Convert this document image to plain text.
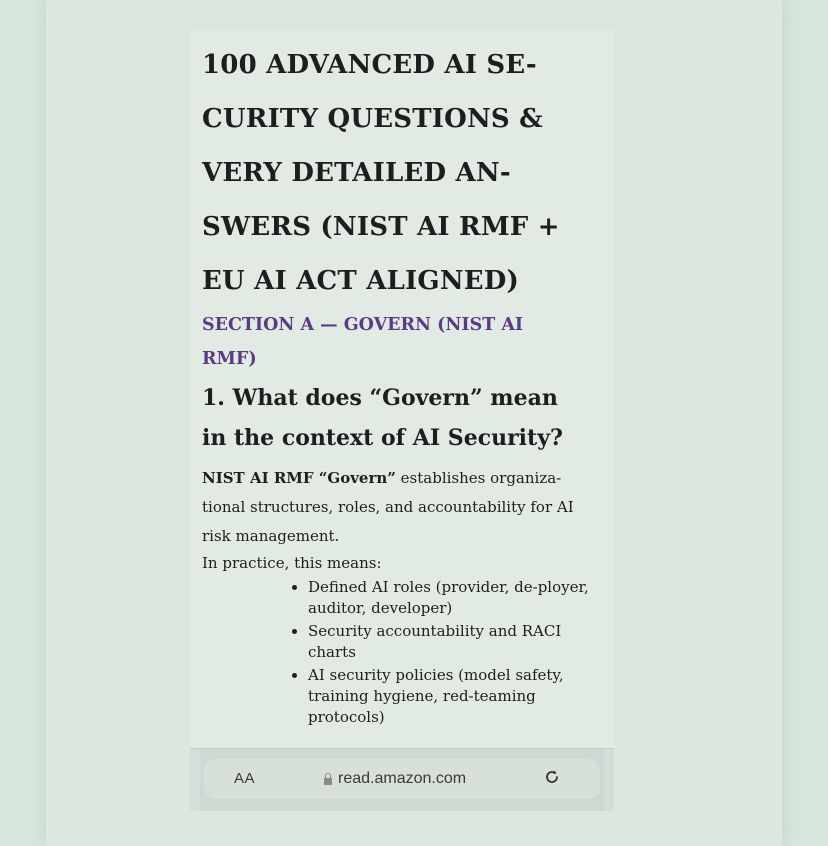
100 ADVANCED AI SE-
CURITY QUESTIONS &
VERY DETAILED AN-
SWERS (NIST AI RMF +
EU AI ACT ALIGNED)
SECTION A — GOVERN (NIST AI
RMF)
1. What does “Govern” mean
in the context of AI Security?

NIST AI RMF “Govern” establishes organiza-tional structures, roles, and accountability for AI risk management.

In practice, this means:

• Defined AI roles (provider, de-ployer, auditor, developer)
• Security accountability and RACI charts
• AI security policies (model safety, training hygiene, red-teaming protocols)
AA	read.amazon.com
